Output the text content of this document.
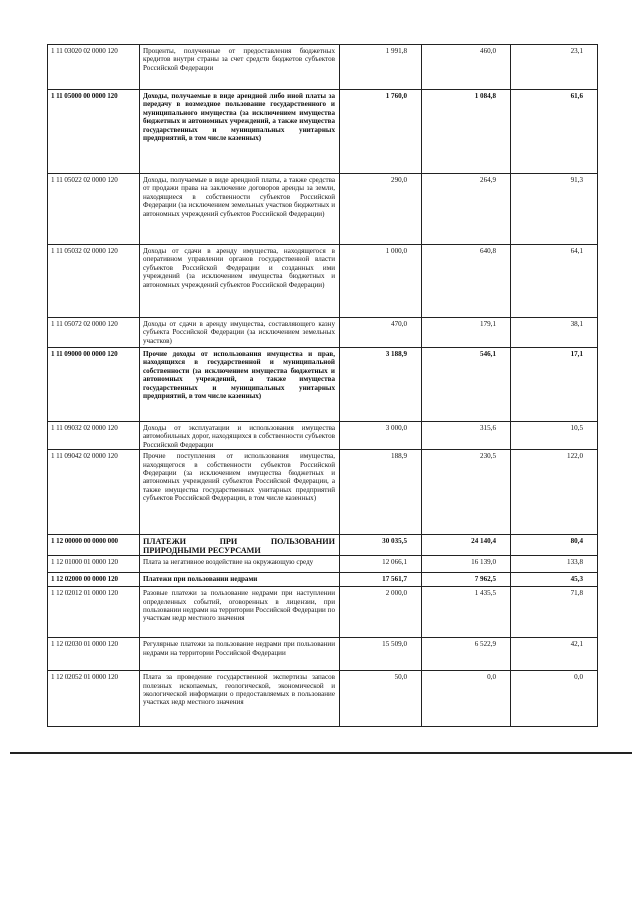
1 11 03020 02 0000 120	Проценты, полученные от предоставления бюджетных кредитов внутри страны за счет средств бюджетов субъектов Российской Федерации	1 991,8	460,0	23,1
1 11 05000 00 0000 120	Доходы, получаемые в виде арендной либо иной платы за передачу в возмездное пользование государственного и муниципального имущества (за исключением имущества бюджетных и автономных учреждений, а также имущества государственных и муниципальных унитарных предприятий, в том числе казенных)	1 760,0	1 084,8	61,6
1 11 05022 02 0000 120	Доходы, получаемые в виде арендной платы, а также средства от продажи права на заключение договоров аренды за земли, находящиеся в собственности субъектов Российской Федерации (за исключением земельных участков бюджетных и автономных учреждений субъектов Российской Федерации)	290,0	264,9	91,3
1 11 05032 02 0000 120	Доходы от сдачи в аренду имущества, находящегося в оперативном управлении органов государственной власти субъектов Российской Федерации и созданных ими учреждений (за исключением имущества бюджетных и автономных учреждений субъектов Российской Федерации)	1 000,0	640,8	64,1
1 11 05072 02 0000 120	Доходы от сдачи в аренду имущества, составляющего казну субъекта Российской Федерации (за исключением земельных участков)	470,0	179,1	38,1
1 11 09000 00 0000 120	Прочие доходы от использования имущества и прав, находящихся в государственной и муниципальной собственности (за исключением имущества бюджетных и автономных учреждений, а также имущества государственных и муниципальных унитарных предприятий, в том числе казенных)	3 188,9	546,1	17,1
1 11 09032 02 0000 120	Доходы от эксплуатации и использования имущества автомобильных дорог, находящихся в собственности субъектов Российской Федерации	3 000,0	315,6	10,5
1 11 09042 02 0000 120	Прочие поступления от использования имущества, находящегося в собственности субъектов Российской Федерации (за исключением имущества бюджетных и автономных учреждений субъектов Российской Федерации, а также имущества государственных унитарных предприятий субъектов Российской Федерации, в том числе казенных)	188,9	230,5	122,0
1 12 00000 00 0000 000	ПЛАТЕЖИ ПРИ ПОЛЬЗОВАНИИ ПРИРОДНЫМИ РЕСУРСАМИ	30 035,5	24 140,4	80,4
1 12 01000 01 0000 120	Плата за негативное воздействие на окружающую среду	12 066,1	16 139,0	133,8
1 12 02000 00 0000 120	Платежи при пользовании недрами	17 561,7	7 962,5	45,3
1 12 02012 01 0000 120	Разовые платежи за пользование недрами при наступлении определенных событий, оговоренных в лицензии, при пользовании недрами на территории Российской Федерации по участкам недр местного значения	2 000,0	1 435,5	71,8
1 12 02030 01 0000 120	Регулярные платежи за пользование недрами при пользовании недрами на территории Российской Федерации	15 509,0	6 522,9	42,1
1 12 02052 01 0000 120	Плата за проведение государственной экспертизы запасов полезных ископаемых, геологической, экономической и экологической информации о предоставляемых в пользование участках недр местного значения	50,0	0,0	0,0
